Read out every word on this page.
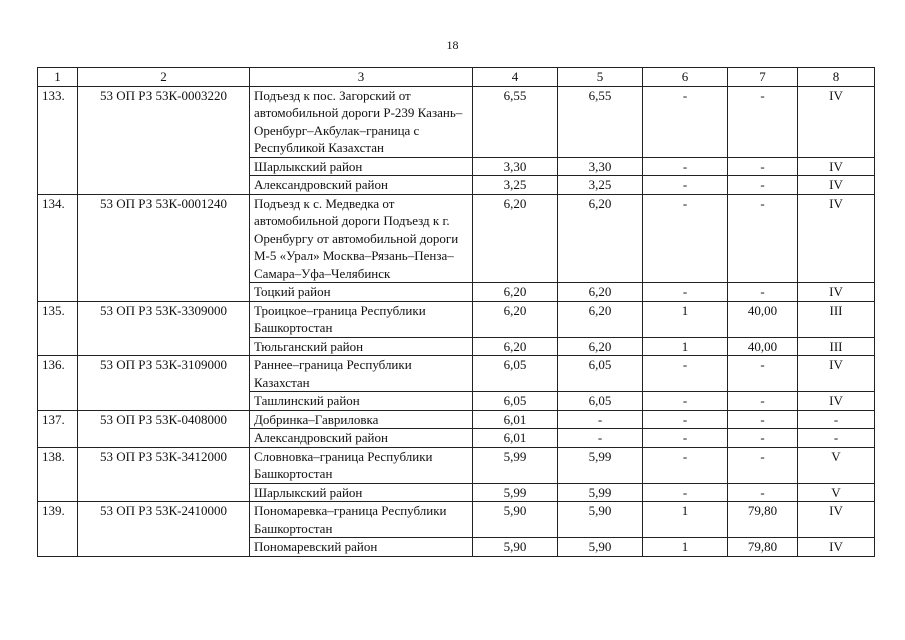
18
1	2	3	4	5	6	7	8
133.	53 ОП РЗ 53К-0003220	Подъезд к пос. Загорский от автомобильной дороги Р-239 Казань–Оренбург–Акбулак–граница с Республикой Казахстан	6,55	6,55	-	-	IV
		Шарлыкский район	3,30	3,30	-	-	IV
		Александровский район	3,25	3,25	-	-	IV
134.	53 ОП РЗ 53К-0001240	Подъезд к с. Медведка от автомобильной дороги Подъезд к г. Оренбургу от автомобильной дороги М-5 «Урал» Москва–Рязань–Пенза–Самара–Уфа–Челябинск	6,20	6,20	-	-	IV
		Тоцкий район	6,20	6,20	-	-	IV
135.	53 ОП РЗ 53К-3309000	Троицкое–граница Республики Башкортостан	6,20	6,20	1	40,00	III
		Тюльганский район	6,20	6,20	1	40,00	III
136.	53 ОП РЗ 53К-3109000	Раннее–граница Республики Казахстан	6,05	6,05	-	-	IV
		Ташлинский район	6,05	6,05	-	-	IV
137.	53 ОП РЗ 53К-0408000	Добринка–Гавриловка	6,01	-	-	-	-
		Александровский район	6,01	-	-	-	-
138.	53 ОП РЗ 53К-3412000	Словновка–граница Республики Башкортостан	5,99	5,99	-	-	V
		Шарлыкский район	5,99	5,99	-	-	V
139.	53 ОП РЗ 53К-2410000	Пономаревка–граница Республики Башкортостан	5,90	5,90	1	79,80	IV
		Пономаревский район	5,90	5,90	1	79,80	IV
